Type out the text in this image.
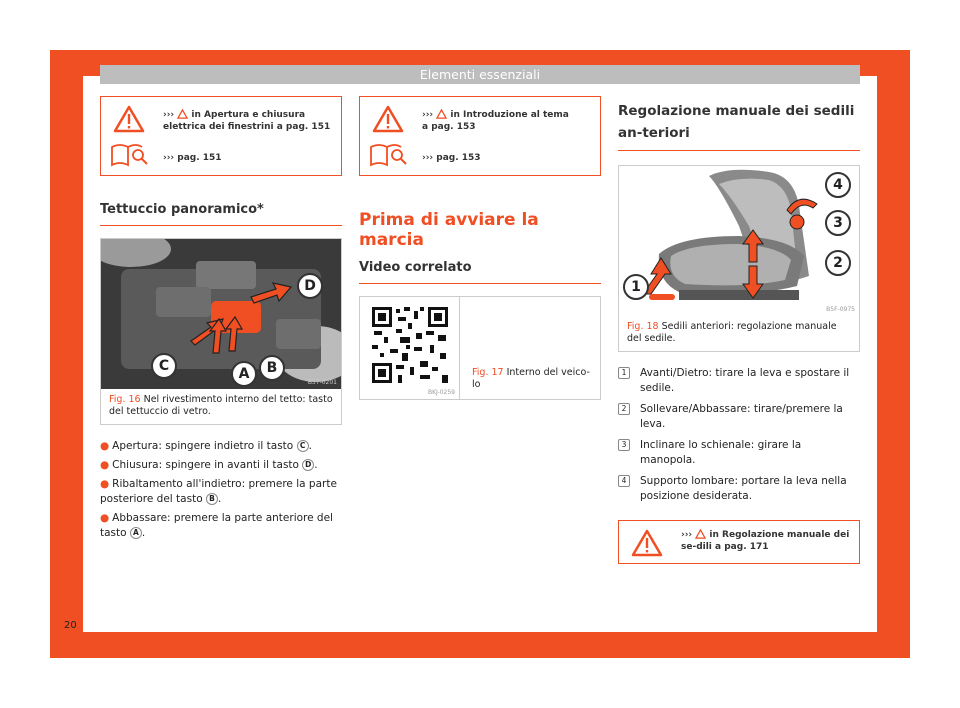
Elementi essenziali
›››  in Apertura e chiusura elettrica dei finestrini a pag. 151
››› pag. 151
Tettuccio panoramico*
D
C	A	B
B57-0201
Fig. 16 Nel rivestimento interno del tetto: tasto del tettuccio di vetro.
● Apertura: spingere indietro il tasto C .
● Chiusura: spingere in avanti il tasto D .
● Ribaltamento all'indietro: premere la parte posteriore del tasto B .
● Abbassare: premere la parte anteriore del tasto A .
›››  in Introduzione al tema a pag. 153
››› pag. 153
Prima di avviare la marcia
Video correlato
BKJ-0259
Fig. 17 Interno del veico-lo
Regolazione manuale dei sedili an-teriori
4
3
2
1
B5F-0975
Fig. 18 Sedili anteriori: regolazione manuale del sedile.
1	Avanti/Dietro: tirare la leva e spostare il sedile.
2	Sollevare/Abbassare: tirare/premere la leva.
3	Inclinare lo schienale: girare la manopola.
4	Supporto lombare: portare la leva nella posizione desiderata.
›››  in Regolazione manuale dei se-dili a pag. 171
20
